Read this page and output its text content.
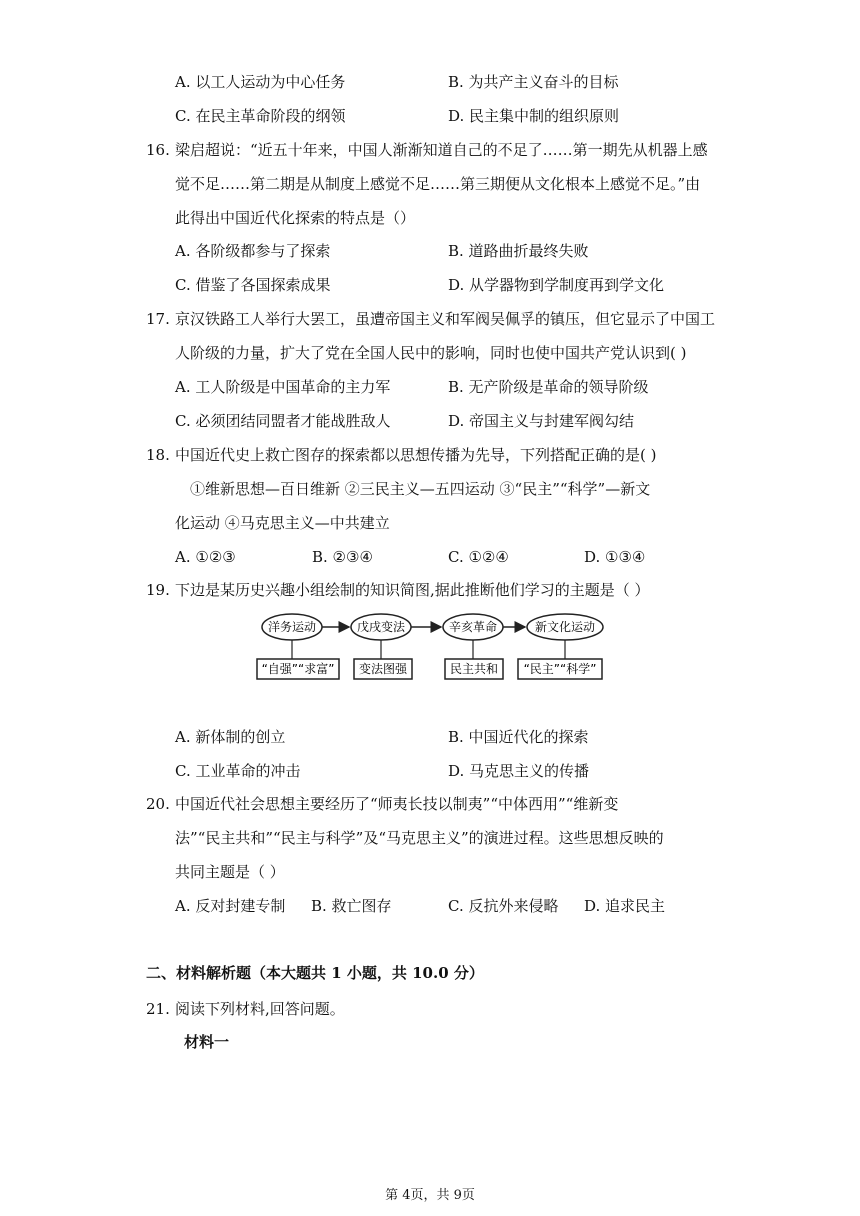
A. 以工人运动为中心任务	B. 为共产主义奋斗的目标
C. 在民主革命阶段的纲领	D. 民主集中制的组织原则
16. 梁启超说：“近五十年来，中国人渐渐知道自己的不足了……第一期先从机器上感
觉不足……第二期是从制度上感觉不足……第三期便从文化根本上感觉不足。”由
此得出中国近代化探索的特点是（）
A. 各阶级都参与了探索	B. 道路曲折最终失败
C. 借鉴了各国探索成果	D. 从学器物到学制度再到学文化
17. 京汉铁路工人举行大罢工，虽遭帝国主义和军阀吴佩孚的镇压，但它显示了中国工
人阶级的力量，扩大了党在全国人民中的影响，同时也使中国共产党认识到( )
A. 工人阶级是中国革命的主力军	B. 无产阶级是革命的领导阶级
C. 必须团结同盟者才能战胜敌人	D. 帝国主义与封建军阀勾结
18. 中国近代史上救亡图存的探索都以思想传播为先导，下列搭配正确的是( )
①维新思想—百日维新 ②三民主义—五四运动 ③“民主”“科学”—新文
化运动 ④马克思主义—中共建立
A. ①②③	B. ②③④	C. ①②④	D. ①③④
19. 下边是某历史兴趣小组绘制的知识简图,据此推断他们学习的主题是（ ）
洋务运动	戊戌变法	辛亥革命	新文化运动
“自强”“求富” 变法图强	民主共和 “民主”“科学”
A. 新体制的创立	B. 中国近代化的探索
C. 工业革命的冲击	D. 马克思主义的传播
20. 中国近代社会思想主要经历了“师夷长技以制夷”“中体西用”“维新变
法”“民主共和”“民主与科学”及“马克思主义”的演进过程。这些思想反映的
共同主题是（ ）
A. 反对封建专制 B. 救亡图存	C. 反抗外来侵略 D. 追求民主
二、材料解析题（本大题共 1 小题，共 10.0 分）
21. 阅读下列材料,回答问题。
材料一
第 4页，共 9页
